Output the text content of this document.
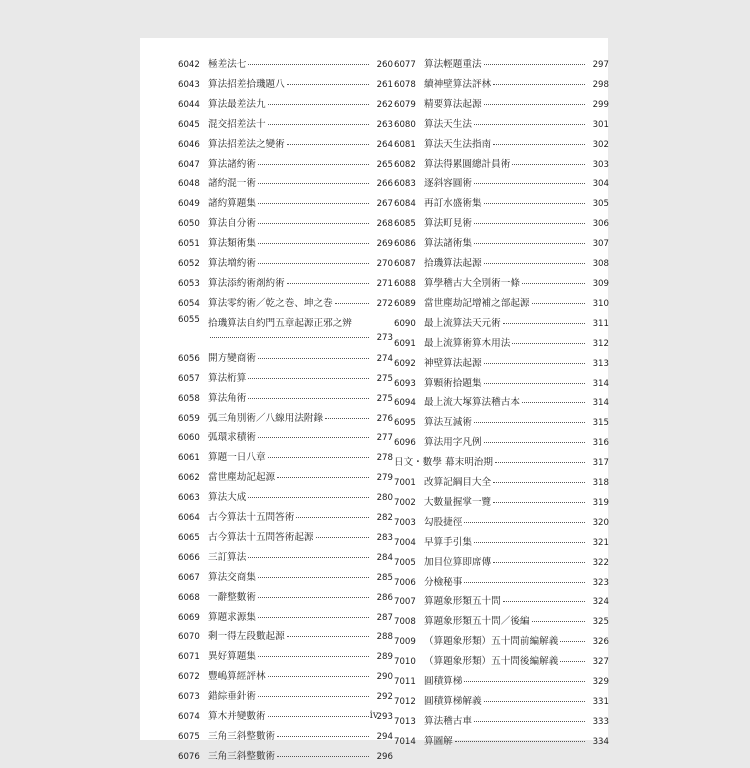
6042 極差法七	260
6043 算法招差拾璣題八	261
6044 算法最差法九	262
6045 混交招差法十	263
6046 算法招差法之變術	264
6047 算法諸約術	265
6048 諸約混一術	266
6049 諸約算題集	267
6050 算法自分術	268
6051 算法類術集	269
6052 算法増約術	270
6053 算法添約術剤約術	271
6054 算法零約術／乾之巻、坤之巻	272
6055 拾璣算法自約門五章起源正邪之辨
273
6056 開方變商術	274
6057 算法桁算	275
6058 算法角術	275
6059 弧三角別術／八線用法附錄	276
6060 弧環求積術	277
6061 算題一日八章	278
6062 當世塵劫記起源	279
6063 算法大成	280
6064 古今算法十五問答術	282
6065 古今算法十五問答術起源	283
6066 三訂算法	284
6067 算法交商集	285
6068 一辭整數術	286
6069 算題求源集	287
6070 剩一得左段數起源	288
6071 異好算題集	289
6072 豐嶋算經評林	290
6073 錯綜垂針術	292
6074 算木并變數術	293
6075 三角三斜整數術	294
6076 三角三斜整數術	296
6077 算法輕題重法	297
6078 續神壁算法評林	298
6079 精要算法起源	299
6080 算法天生法	301
6081 算法天生法指南	302
6082 算法得累圓總計員術	303
6083 逐斜容圓術	304
6084 再訂水盛術集	305
6085 算法町見術	306
6086 算法諸術集	307
6087 拾璣算法起源	308
6088 算學稽古大全別術一條	309
6089 當世塵劫記增補之部起源	310
6090 最上流算法天元術	311
6091 最上流算術算木用法	312
6092 神壁算法起源	313
6093 算顆術拾題集	314
6094 最上流大塚算法稽古本	314
6095 算法互減術	315
6096 算法用字凡例	316
日文・數學 幕末明治期	317
7001 改算記綱目大全	318
7002 大數量握掌一覽	319
7003 勾股捷徑	320
7004 早算手引集	321
7005 加目位算即席傳	322
7006 分檢秘事	323
7007 算題象形類五十問	324
7008 算題象形類五十問／後編	325
7009 （算題象形類）五十問前編解義	326
7010 （算題象形類）五十問後編解義	327
7011 圓積算梯	329
7012 圓積算梯解義	331
7013 算法稽古車	333
7014 算圖解	334
iv
